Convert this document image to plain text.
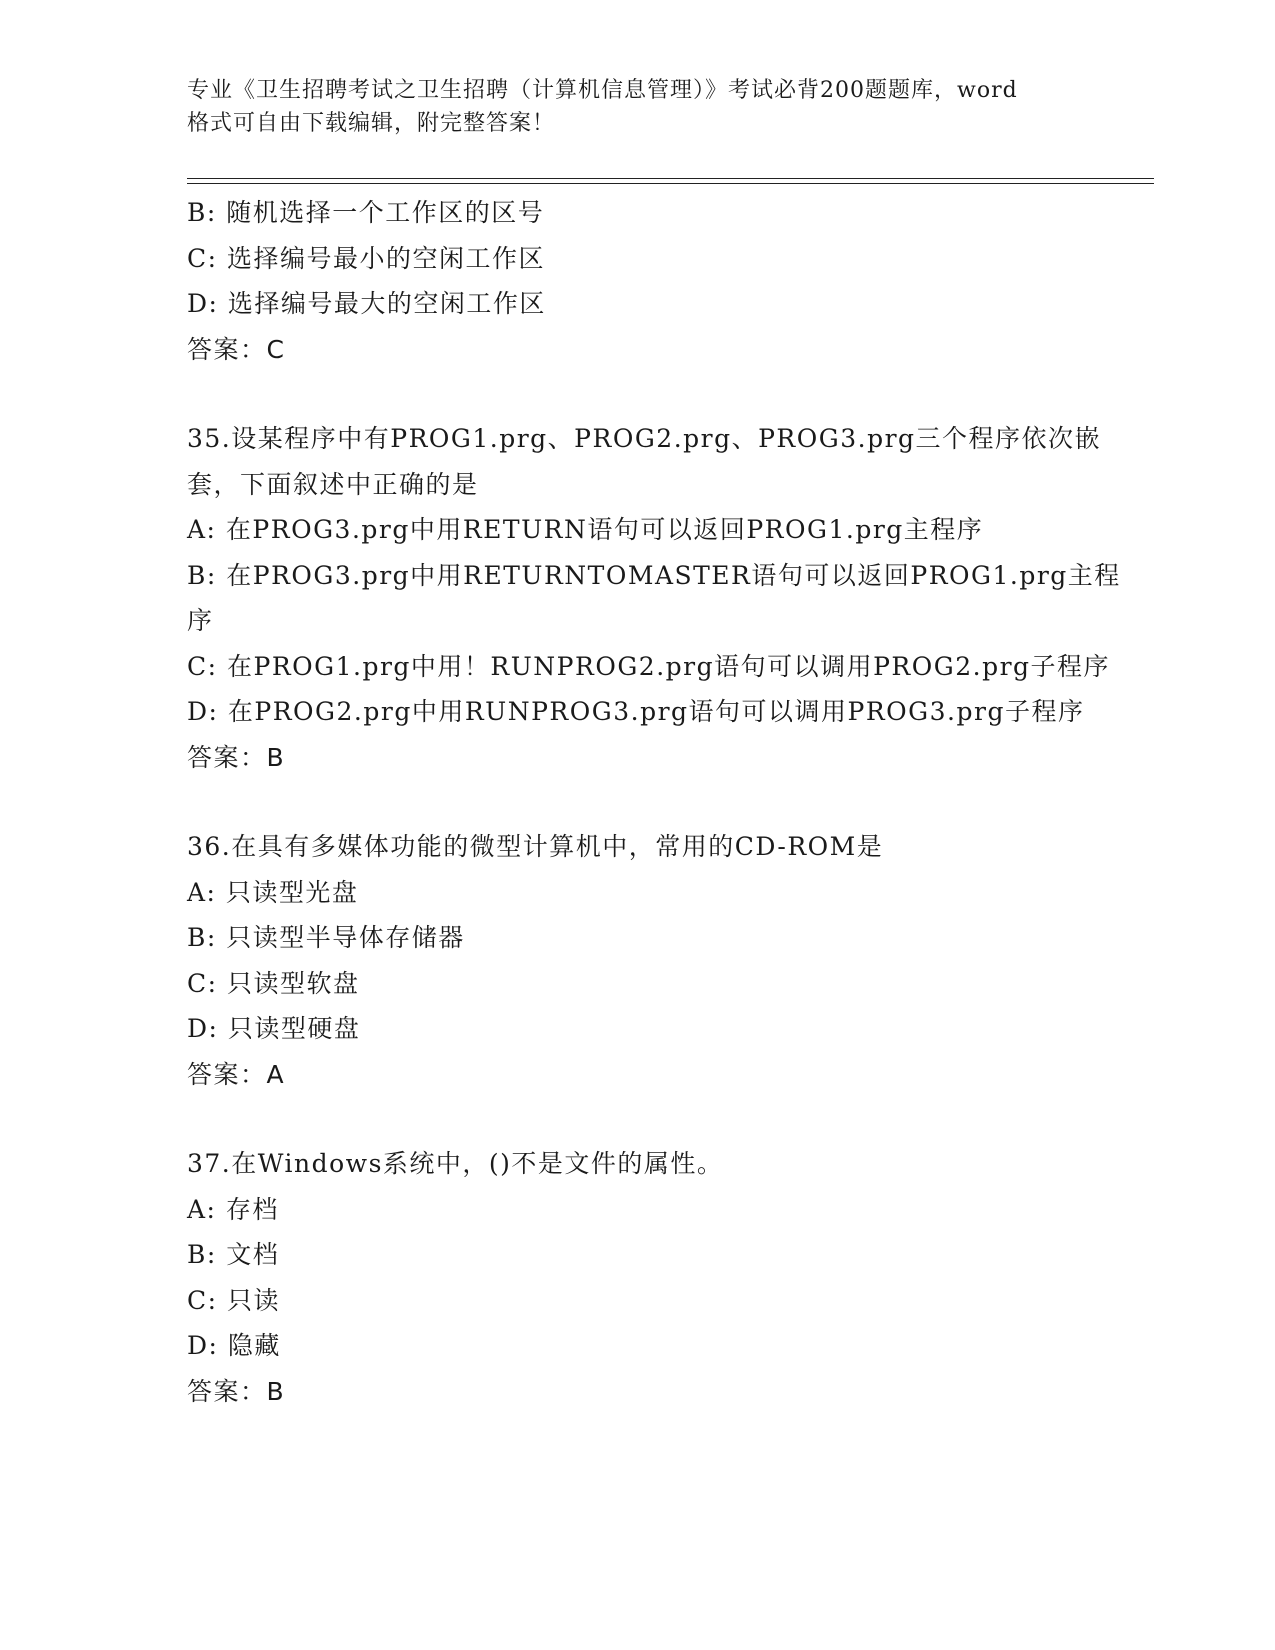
专业《卫生招聘考试之卫生招聘（计算机信息管理）》考试必背200题题库，word
格式可自由下载编辑，附完整答案！
B: 随机选择一个工作区的区号
C: 选择编号最小的空闲工作区
D: 选择编号最大的空闲工作区
答案：C
35.设某程序中有PROG1.prg、PROG2.prg、PROG3.prg三个程序依次嵌
套，下面叙述中正确的是
A: 在PROG3.prg中用RETURN语句可以返回PROG1.prg主程序
B: 在PROG3.prg中用RETURNTOMASTER语句可以返回PROG1.prg主程
序
C: 在PROG1.prg中用！RUNPROG2.prg语句可以调用PROG2.prg子程序
D: 在PROG2.prg中用RUNPROG3.prg语句可以调用PROG3.prg子程序
答案：B
36.在具有多媒体功能的微型计算机中，常用的CD-ROM是
A: 只读型光盘
B: 只读型半导体存储器
C: 只读型软盘
D: 只读型硬盘
答案：A
37.在Windows系统中，()不是文件的属性。
A: 存档
B: 文档
C: 只读
D: 隐藏
答案：B
